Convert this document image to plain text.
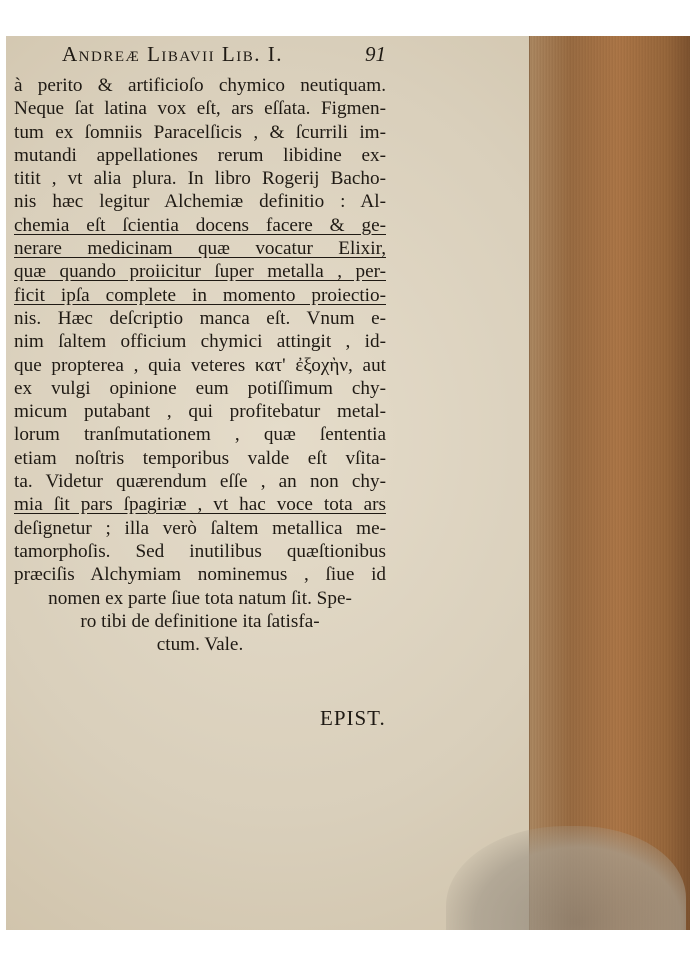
Andreæ Libavii Lib. I.	91
à perito & artificioſo chymico neutiquam.
Neque ſat latina vox eſt, ars eſſata. Figmen-
tum ex ſomniis Paracelſicis , & ſcurrili im-
mutandi appellationes rerum libidine ex-
titit , vt alia plura. In libro Rogerij Bacho-
nis hæc legitur Alchemiæ definitio : Al-
chemia eſt ſcientia docens facere & ge-
nerare medicinam quæ vocatur Elixir,
quæ quando proiicitur ſuper metalla , per-
ficit ipſa complete in momento proiectio-
nis. Hæc deſcriptio manca eſt. Vnum e-
nim ſaltem officium chymici attingit , id-
que propterea , quia veteres κατ' ἐξοχὴν, aut
ex vulgi opinione eum potiſſimum chy-
micum putabant , qui profitebatur metal-
lorum tranſmutationem , quæ ſententia
etiam noſtris temporibus valde eſt vſita-
ta. Videtur quærendum eſſe , an non chy-
mia ſit pars ſpagiriæ , vt hac voce tota ars
deſignetur ; illa verò ſaltem metallica me-
tamorphoſis. Sed inutilibus quæſtionibus
præciſis Alchymiam nominemus , ſiue id
nomen ex parte ſiue tota natum ſit. Spe-
ro tibi de definitione ita ſatisfa-
ctum. Vale.
EPIST.
